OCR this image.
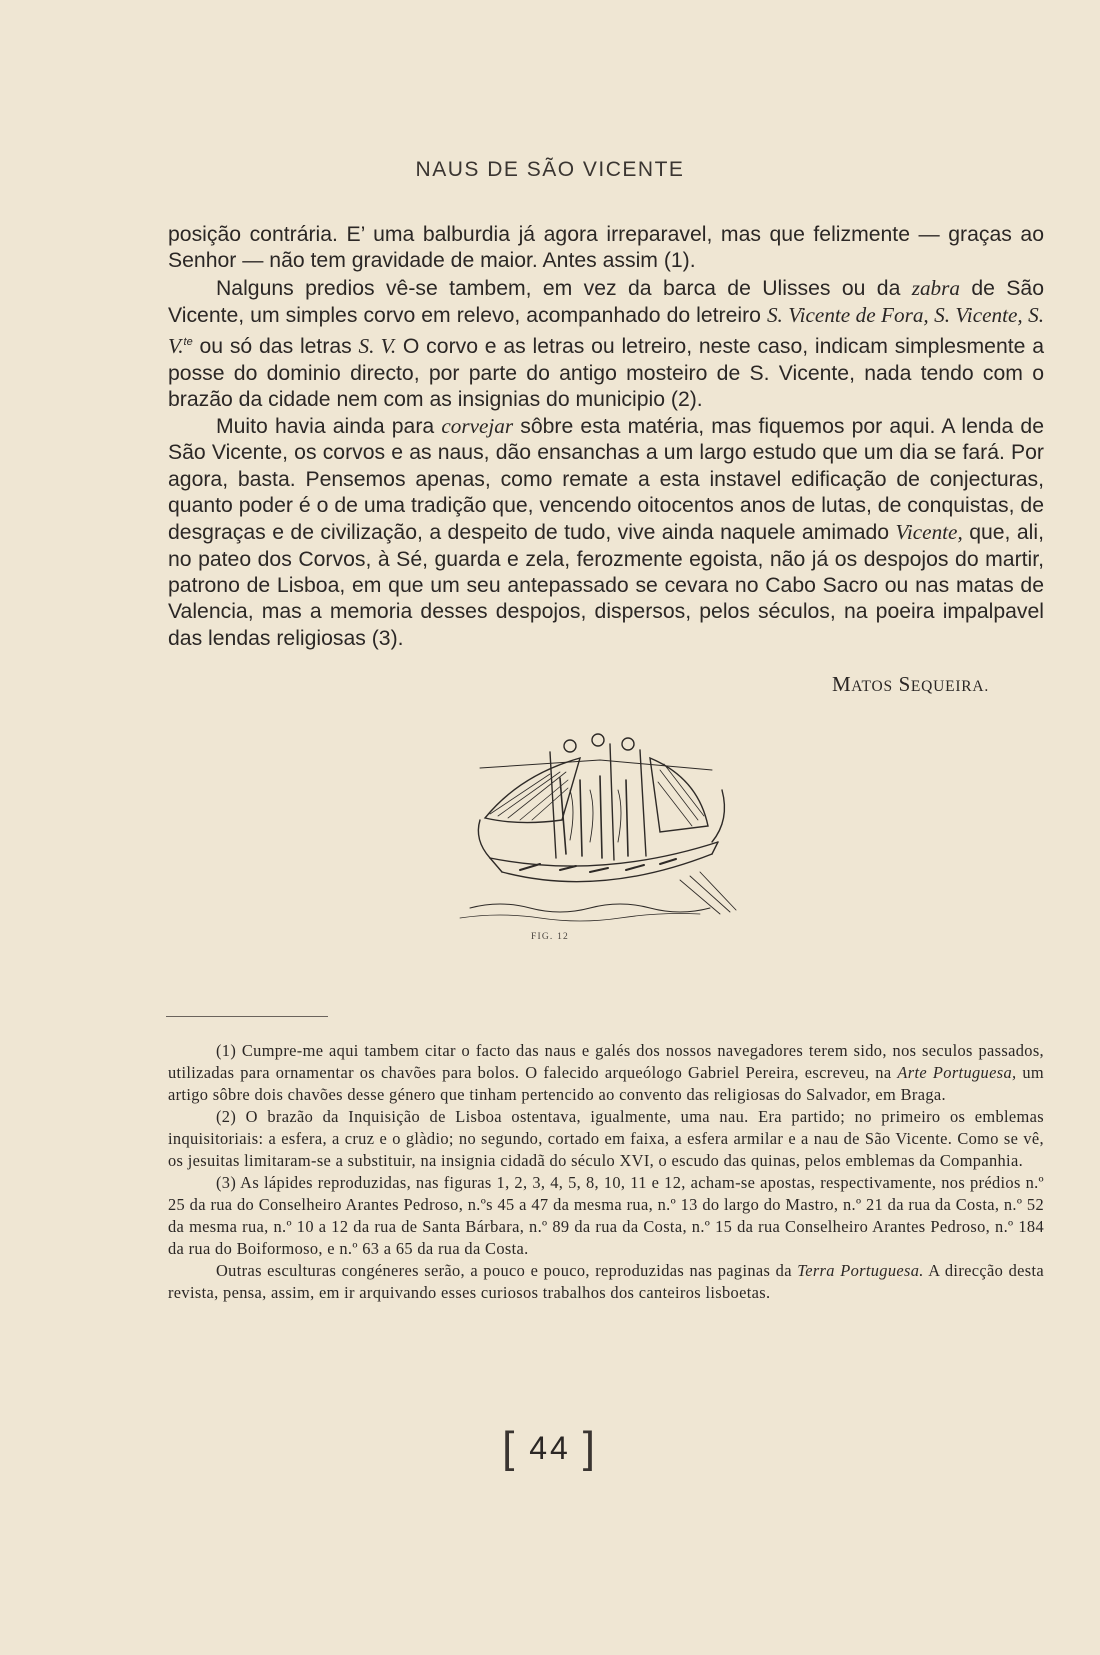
NAUS DE SÃO VICENTE

posição contrária. E’ uma balburdia já agora irreparavel, mas que felizmente — graças ao Senhor — não tem gravidade de maior. Antes assim (1).

Nalguns predios vê-se tambem, em vez da barca de Ulisses ou da zabra de São Vicente, um simples corvo em relevo, acompanhado do letreiro S. Vicente de Fora, S. Vicente, S. V.$^{te}$ ou só das letras S. V. O corvo e as letras ou letreiro, neste caso, indicam simplesmente a posse do dominio directo, por parte do antigo mosteiro de S. Vicente, nada tendo com o brazão da cidade nem com as insignias do municipio (2).

Muito havia ainda para corvejar sôbre esta matéria, mas fiquemos por aqui. A lenda de São Vicente, os corvos e as naus, dão ensanchas a um largo estudo que um dia se fará. Por agora, basta. Pensemos apenas, como remate a esta instavel edificação de conjecturas, quanto poder é o de uma tradição que, vencendo oitocentos anos de lutas, de conquistas, de desgraças e de civilização, a despeito de tudo, vive ainda naquele amimado Vicente, que, ali, no pateo dos Corvos, à Sé, guarda e zela, ferozmente egoista, não já os despojos do martir, patrono de Lisboa, em que um seu antepassado se cevara no Cabo Sacro ou nas matas de Valencia, mas a memoria desses despojos, dispersos, pelos séculos, na poeira impalpavel das lendas religiosas (3).

MATOS SEQUEIRA.
FIG. 12

(1) Cumpre-me aqui tambem citar o facto das naus e galés dos nossos navegadores terem sido, nos seculos passados, utilizadas para ornamentar os chavões para bolos. O falecido arqueólogo Gabriel Pereira, escreveu, na Arte Portuguesa, um artigo sôbre dois chavões desse género que tinham pertencido ao convento das religiosas do Salvador, em Braga.

(2) O brazão da Inquisição de Lisboa ostentava, igualmente, uma nau. Era partido; no primeiro os emblemas inquisitoriais: a esfera, a cruz e o glàdio; no segundo, cortado em faixa, a esfera armilar e a nau de São Vicente. Como se vê, os jesuitas limitaram-se a substituir, na insignia cidadã do século XVI, o escudo das quinas, pelos emblemas da Companhia.

(3) As lápides reproduzidas, nas figuras 1, 2, 3, 4, 5, 8, 10, 11 e 12, acham-se apostas, respectivamente, nos prédios n.º 25 da rua do Conselheiro Arantes Pedroso, n.ºs 45 a 47 da mesma rua, n.º 13 do largo do Mastro, n.º 21 da rua da Costa, n.º 52 da mesma rua, n.º 10 a 12 da rua de Santa Bárbara, n.º 89 da rua da Costa, n.º 15 da rua Conselheiro Arantes Pedroso, n.º 184 da rua do Boiformoso, e n.º 63 a 65 da rua da Costa.

Outras esculturas congéneres serão, a pouco e pouco, reproduzidas nas paginas da Terra Portuguesa. A direcção desta revista, pensa, assim, em ir arquivando esses curiosos trabalhos dos canteiros lisboetas.

[ 44 ]
